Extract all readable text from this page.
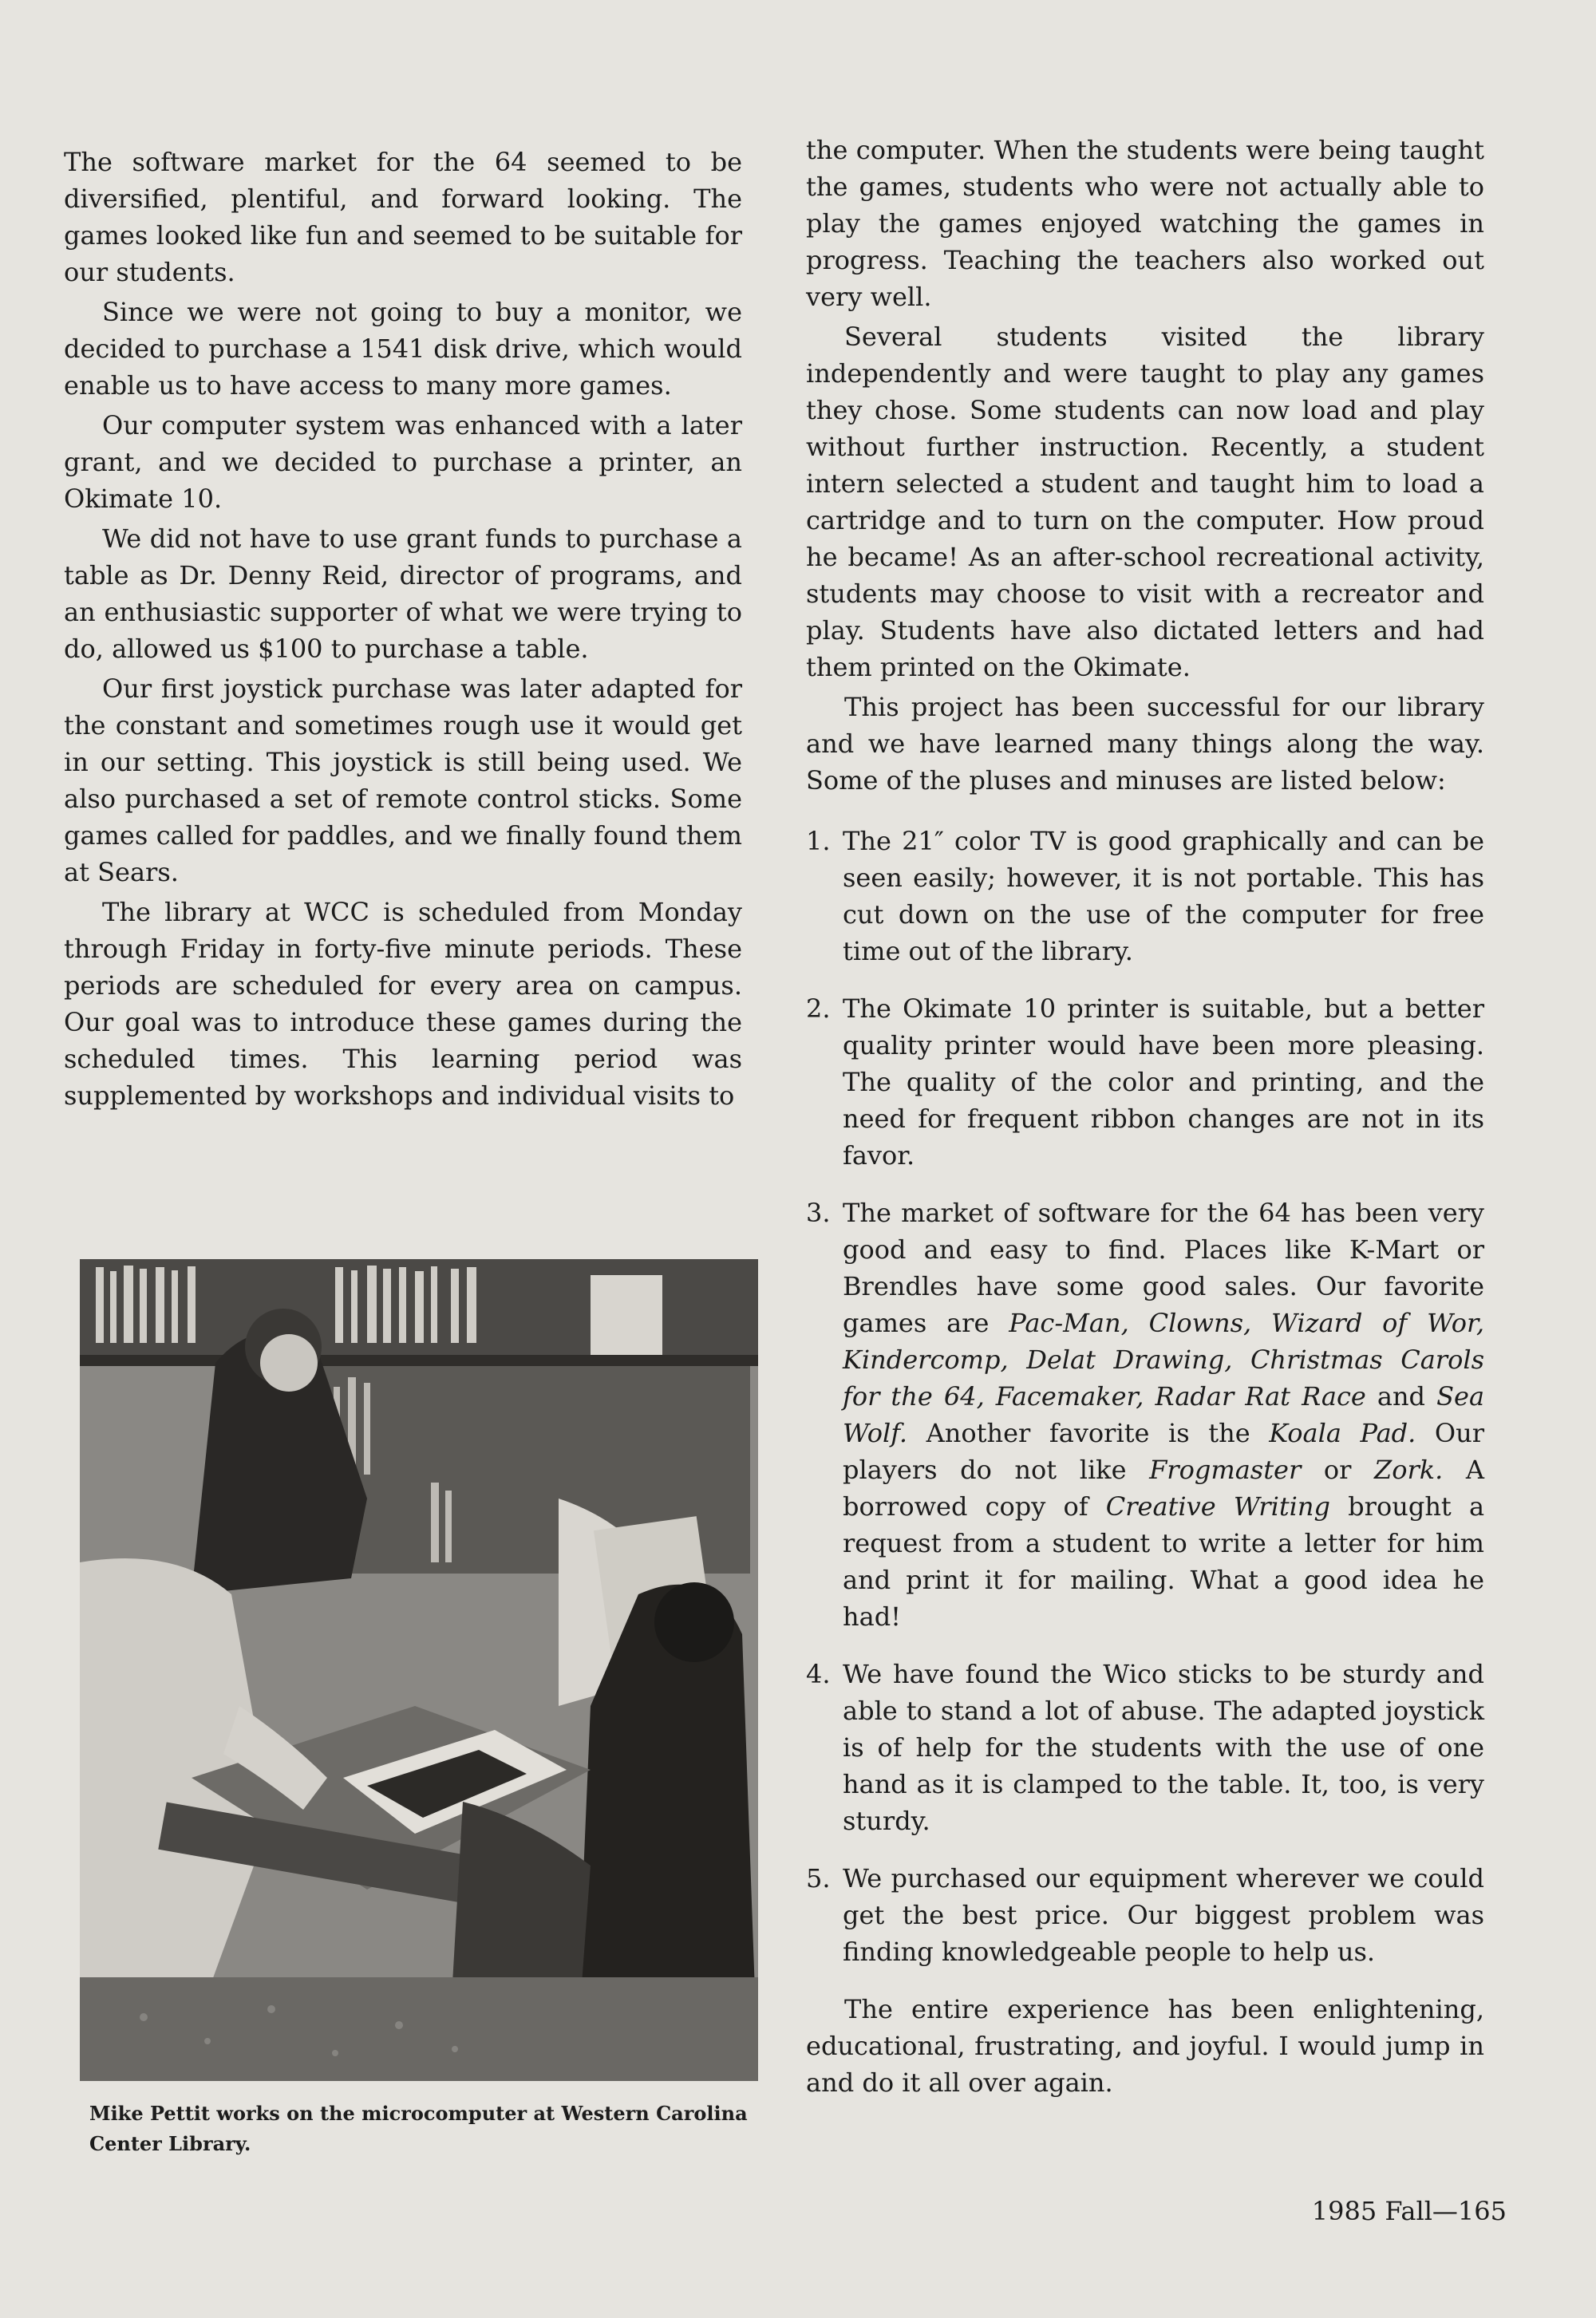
The software market for the 64 seemed to be diversified, plentiful, and forward looking. The games looked like fun and seemed to be suitable for our students.

Since we were not going to buy a monitor, we decided to purchase a 1541 disk drive, which would enable us to have access to many more games.

Our computer system was enhanced with a later grant, and we decided to purchase a printer, an Okimate 10.

We did not have to use grant funds to purchase a table as Dr. Denny Reid, director of programs, and an enthusiastic supporter of what we were trying to do, allowed us $100 to purchase a table.

Our first joystick purchase was later adapted for the constant and sometimes rough use it would get in our setting. This joystick is still being used. We also purchased a set of remote control sticks. Some games called for paddles, and we finally found them at Sears.

The library at WCC is scheduled from Monday through Friday in forty-five minute periods. These periods are scheduled for every area on campus. Our goal was to introduce these games during the scheduled times. This learning period was supplemented by workshops and individual visits to

Mike Pettit works on the microcomputer at Western Carolina Center Library.

the computer. When the students were being taught the games, students who were not actually able to play the games enjoyed watching the games in progress. Teaching the teachers also worked out very well.

Several students visited the library independently and were taught to play any games they chose. Some students can now load and play without further instruction. Recently, a student intern selected a student and taught him to load a cartridge and to turn on the computer. How proud he became! As an after-school recreational activity, students may choose to visit with a recreator and play. Students have also dictated letters and had them printed on the Okimate.

This project has been successful for our library and we have learned many things along the way. Some of the pluses and minuses are listed below:

1. The 21″ color TV is good graphically and can be seen easily; however, it is not portable. This has cut down on the use of the computer for free time out of the library.
2. The Okimate 10 printer is suitable, but a better quality printer would have been more pleasing. The quality of the color and printing, and the need for frequent ribbon changes are not in its favor.
3. The market of software for the 64 has been very good and easy to find. Places like K-Mart or Brendles have some good sales. Our favorite games are Pac-Man, Clowns, Wizard of Wor, Kindercomp, Delat Drawing, Christmas Carols for the 64, Facemaker, Radar Rat Race and Sea Wolf. Another favorite is the Koala Pad. Our players do not like Frogmaster or Zork. A borrowed copy of Creative Writing brought a request from a student to write a letter for him and print it for mailing. What a good idea he had!
4. We have found the Wico sticks to be sturdy and able to stand a lot of abuse. The adapted joystick is of help for the students with the use of one hand as it is clamped to the table. It, too, is very sturdy.
5. We purchased our equipment wherever we could get the best price. Our biggest problem was finding knowledgeable people to help us.

The entire experience has been enlightening, educational, frustrating, and joyful. I would jump in and do it all over again.

1985 Fall—165
